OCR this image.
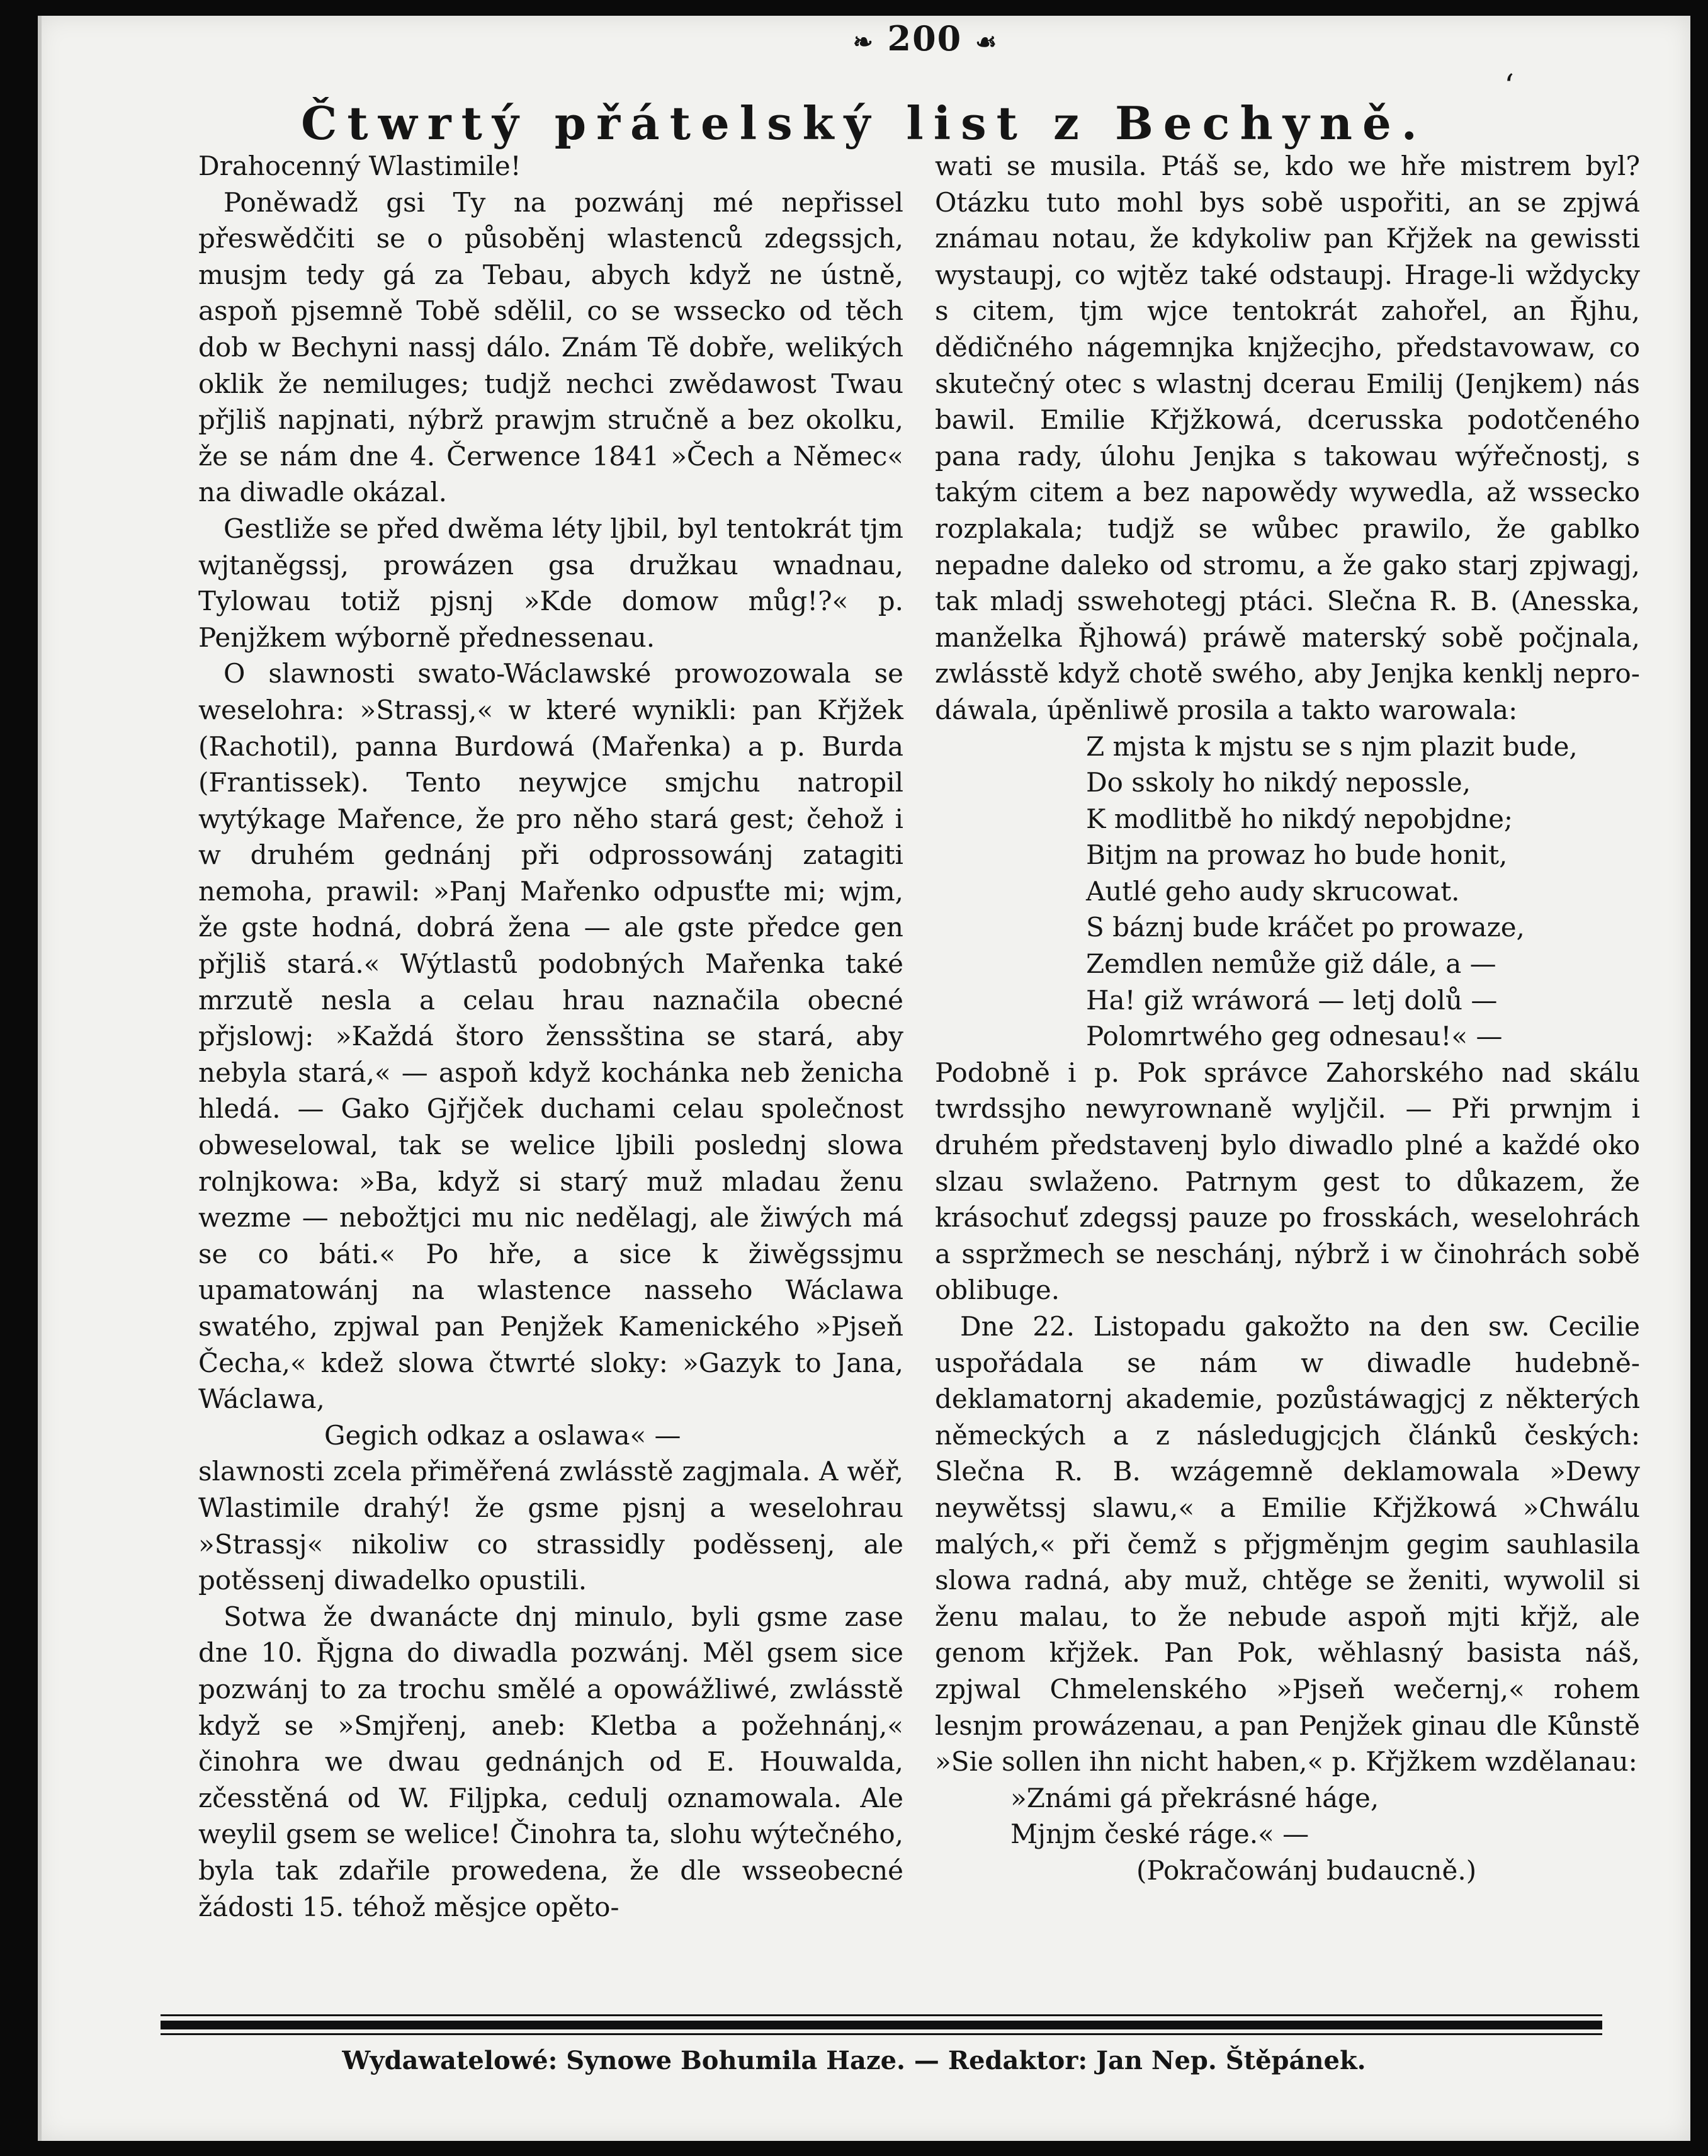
❧ 200 ☙
ʻ
Čtwrtý přátelský list z Bechyně.

Drahocenný Wlastimile!

Poněwadž gsi Ty na pozwánj mé nepřissel přeswědčiti se o působěnj wlastenců zdegssjch, musjm tedy gá za Tebau, abych když ne ústně, aspoň pjsemně Tobě sdělil, co se wssecko od těch dob w Bechyni nassj dálo. Znám Tě dobře, welikých oklik že nemiluges; tudjž nechci zwědawost Twau přjliš napjnati, nýbrž prawjm stručně a bez okolku, že se nám dne 4. Čerwence 1841 »Čech a Němec« na diwadle okázal.

Gestliže se před dwěma léty ljbil, byl tentokrát tjm wjtaněgssj, prowázen gsa družkau wnadnau, Tylowau totiž pjsnj »Kde domow můg!?« p. Penjžkem wýborně přednessenau.

O slawnosti swato-Wáclawské prowozowala se weselohra: »Strassj,« w které wynikli: pan Křjžek (Rachotil), panna Burdowá (Mařenka) a p. Burda (Frantissek). Tento neywjce smjchu natropil wytýkage Mařence, že pro něho stará gest; čehož i w druhém gednánj při odprossowánj zatagiti nemoha, prawil: »Panj Mařenko odpusťte mi; wjm, že gste hodná, dobrá žena — ale gste předce gen přjliš stará.« Wýtlastů podobných Mařenka také mrzutě nesla a celau hrau naznačila obecné přjslowj: »Každá štoro ženssština se stará, aby nebyla stará,« — aspoň když kochánka neb ženicha hledá. — Gako Gjřjček duchami celau společnost obweselowal, tak se welice ljbili poslednj slowa rolnjkowa: »Ba, když si starý muž mladau ženu wezme — nebožtjci mu nic nedělagj, ale žiwých má se co báti.« Po hře, a sice k žiwěgssjmu upamatowánj na wlastence nasseho Wáclawa swatého, zpjwal pan Penjžek Kamenického »Pjseň Čecha,« kdež slowa čtwrté sloky: »Gazyk to Jana, Wáclawa,

Gegich odkaz a oslawa« —

slawnosti zcela přiměřená zwlásstě zagjmala. A wěř, Wlastimile drahý! že gsme pjsnj a weselohrau »Strassj« nikoliw co strassidly poděssenj, ale potěssenj diwadelko opustili.

Sotwa že dwanácte dnj minulo, byli gsme zase dne 10. Řjgna do diwadla pozwánj. Měl gsem sice pozwánj to za trochu smělé a opowážliwé, zwlásstě když se »Smjřenj, aneb: Kletba a požehnánj,« činohra we dwau gednánjch od E. Houwalda, zčesstěná od W. Filjpka, cedulj oznamowala. Ale weylil gsem se welice! Činohra ta, slohu wýtečného, byla tak zdařile prowedena, že dle wsseobecné žádosti 15. téhož měsjce opěto-

wati se musila. Ptáš se, kdo we hře mistrem byl? Otázku tuto mohl bys sobě uspořiti, an se zpjwá známau notau, že kdykoliw pan Křjžek na gewissti wystaupj, co wjtěz také odstaupj. Hrage-li wždycky s citem, tjm wjce tentokrát zahořel, an Řjhu, dědičného nágemnjka knjžecjho, představowaw, co skutečný otec s wlastnj dcerau Emilij (Jenjkem) nás bawil. Emilie Křjžkowá, dcerusska podotčeného pana rady, úlohu Jenjka s takowau wýřečnostj, s takým citem a bez napowědy wywedla, až wssecko rozplakala; tudjž se wůbec prawilo, že gablko nepadne daleko od stromu, a že gako starj zpjwagj, tak mladj sswehotegj ptáci. Slečna R. B. (Anesska, manželka Řjhowá) práwě materský sobě počjnala, zwlásstě když chotě swého, aby Jenjka kenklj neprodáwala, úpěnliwě prosila a takto warowala:

Z mjsta k mjstu se s njm plazit bude,

Do sskoly ho nikdý nepossle,

K modlitbě ho nikdý nepobjdne;

Bitjm na prowaz ho bude honit,

Autlé geho audy skrucowat.

S báznj bude kráčet po prowaze,

Zemdlen nemůže giž dále, a —

Ha! giž wráworá — letj dolů —

Polomrtwého geg odnesau!« —

Podobně i p. Pok správce Zahorského nad skálu twrdssjho newyrownaně wyljčil. — Při prwnjm i druhém představenj bylo diwadlo plné a každé oko slzau swlaženo. Patrnym gest to důkazem, že krásochuť zdegssj pauze po frosskách, weselohrách a sspržmech se neschánj, nýbrž i w činohrách sobě oblibuge.

Dne 22. Listopadu gakožto na den sw. Cecilie uspořádala se nám w diwadle hudebně-deklamatornj akademie, pozůstáwagjcj z některých německých a z následugjcjch článků českých: Slečna R. B. wzágemně deklamowala »Dewy neywětssj slawu,« a Emilie Křjžkowá »Chwálu malých,« při čemž s přjgměnjm gegim sauhlasila slowa radná, aby muž, chtěge se ženiti, wywolil si ženu malau, to že nebude aspoň mjti křjž, ale genom křjžek. Pan Pok, wěhlasný basista náš, zpjwal Chmelenského »Pjseň wečernj,« rohem lesnjm prowázenau, a pan Penjžek ginau dle Kůnstě »Sie sollen ihn nicht haben,« p. Křjžkem wzdělanau:

»Známi gá překrásné háge,

Mjnjm české ráge.« —

(Pokračowánj budaucně.)

Wydawatelowé: Synowe Bohumila Haze. — Redaktor: Jan Nep. Štěpánek.
